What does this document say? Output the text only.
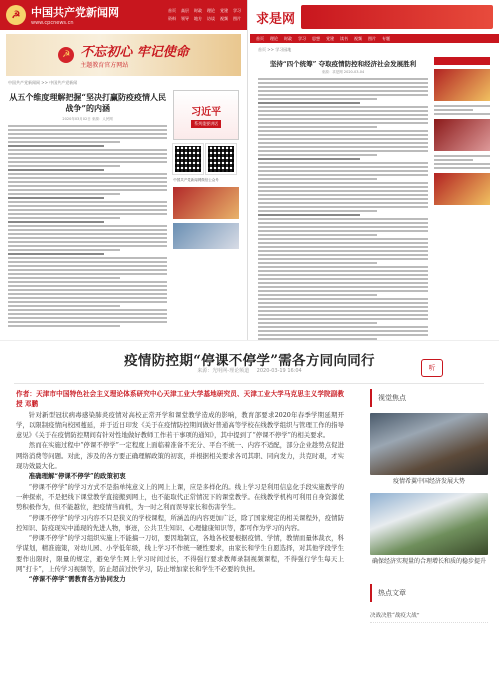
☭ 中国共产党新闻网
www.cpcnews.cn
首页 高层 时政 理论 党建 学习
资料 领导 地方 访谈 视频 图片
☭ 不忘初心 牢记使命
主题教育官方网站
中国共产党新闻网 >> 中国共产党新闻
从五个维度理解把握“坚决打赢防疫疫情人民战争”的内涵
2020年03月02日 来源：人民网
习近平
系列重要讲话
中国共产党新闻网微信公众号
求是网
首页 理论 时政 学习 思想 党建 读书 视频 图片 专题
首页 >> 学习园地
坚持“四个统筹” 夺取疫情防控和经济社会发展胜利
来源：求是网 2020-03-04
疫情防控期“停课不停学”需各方同向同行
来源：光明网-理论频道 2020-03-19 16:04	听

作者：天津市中国特色社会主义理论体系研究中心天津工业大学基地研究员、天津工业大学马克思主义学院副教授 邓鹏

针对新型冠状病毒感染肺炎疫情对高校正常开学和课堂教学造成的影响，教育部要求2020年春季学期延期开学，以限制疫情向校园蔓延，并于近日印发《关于在疫情防控期间做好普通高等学校在线教学组织与管理工作的指导意见》《关于在疫情防控期间有针对性地做好教师工作若干事项的通知》，其中提到了“停课不停学”的相关要求。

然而在实施过程中“停课不停学”一定程度上面临着准备不充分、平台不统一、内容不适配，部分企业趁势点促进网络消费等问题。对此，涉及的各方要正确理解政策的初衷，并根据相关要求各司其职、同向发力，共克时艰，才实现功效最大化。

准确理解“停课不停学”的政策初衷

“停课不停学”的学习方式不是指单纯意义上的网上上课，应是多样化的。线上学习是利用信息化手段实施教学的一种探索，不是把线下课堂教学直接搬到网上，也不能取代正常情况下的课堂教学。在线教学机构可利用自身资源优势积极作为，但不能越位，把疫情当商机，为一时之利而误导家长和伤害学生。

“停课不停学”的学习内容不只是狭义的学校课程，所涵盖的内容更加广泛，除了国家规定的相关课程外，疫情防控知识、防疫现实中涌现的先进人物，事迹，公共卫生知识、心理健康知识等，都可作为学习的内容。

“停课不停学”的学习组织实施上不能搞一刀切，要因地制宜，各地各校要根据疫情、学情，教情而量体裁衣，科学谋划，精准施策，对幼儿园、小学低年级，线上学习不作统一硬性要求，由家长和学生自愿选择，对其他学段学生要作出限时，限量的规定，避免学生网上学习时间过长，不得强行要求教师录制视频课程，不得强行学生每天上网“打卡”，上传学习视频等，防止超前过快学习，防止增加家长和学生不必要的负担。

“停课不停学”需教育各方协同发力

视觉焦点
疫情希翼中国经济发展大势
确保经济实现量的合理增长和质的稳步提升
热点文章
决战决胜“战疫大战”
